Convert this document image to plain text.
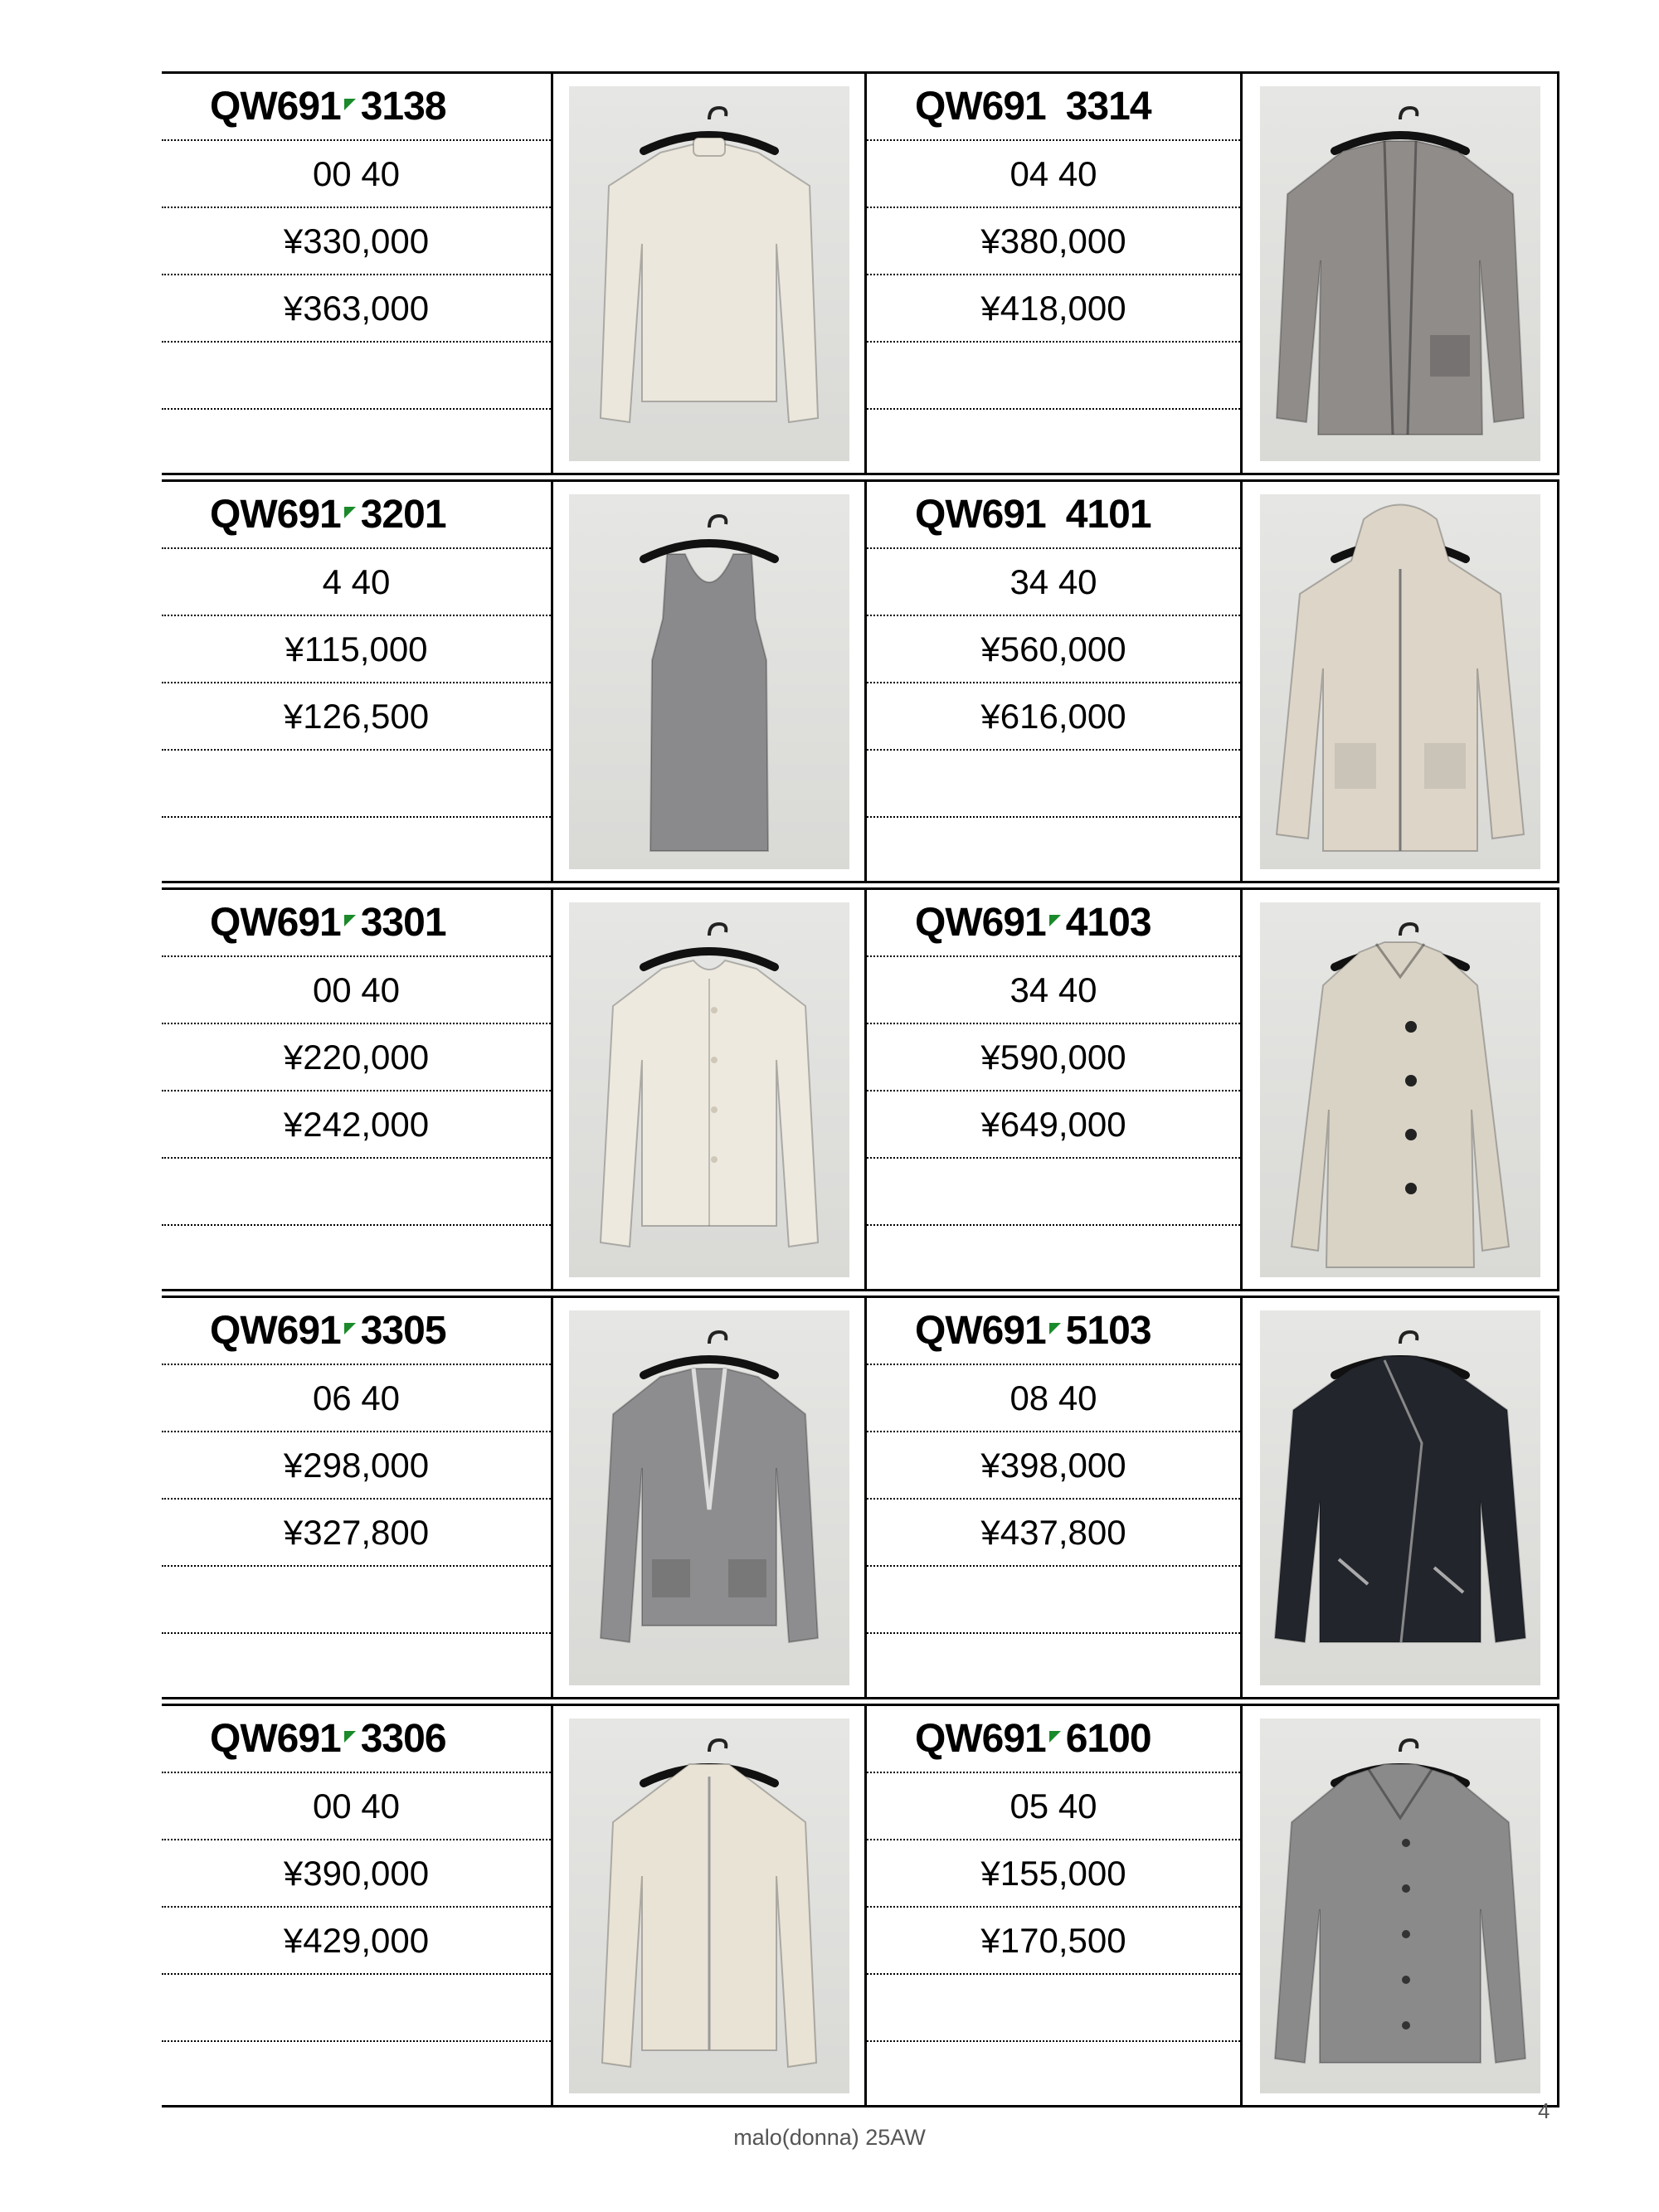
QW691 3138
00 40
¥330,000
¥363,000
QW691 3314
04 40
¥380,000
¥418,000
QW691 3201
4 40
¥115,000
¥126,500
QW691 4101
34 40
¥560,000
¥616,000
QW691 3301
00 40
¥220,000
¥242,000
QW691 4103
34 40
¥590,000
¥649,000
QW691 3305
06 40
¥298,000
¥327,800
QW691 5103
08 40
¥398,000
¥437,800
QW691 3306
00 40
¥390,000
¥429,000
QW691 6100
05 40
¥155,000
¥170,500
4
malo(donna) 25AW
